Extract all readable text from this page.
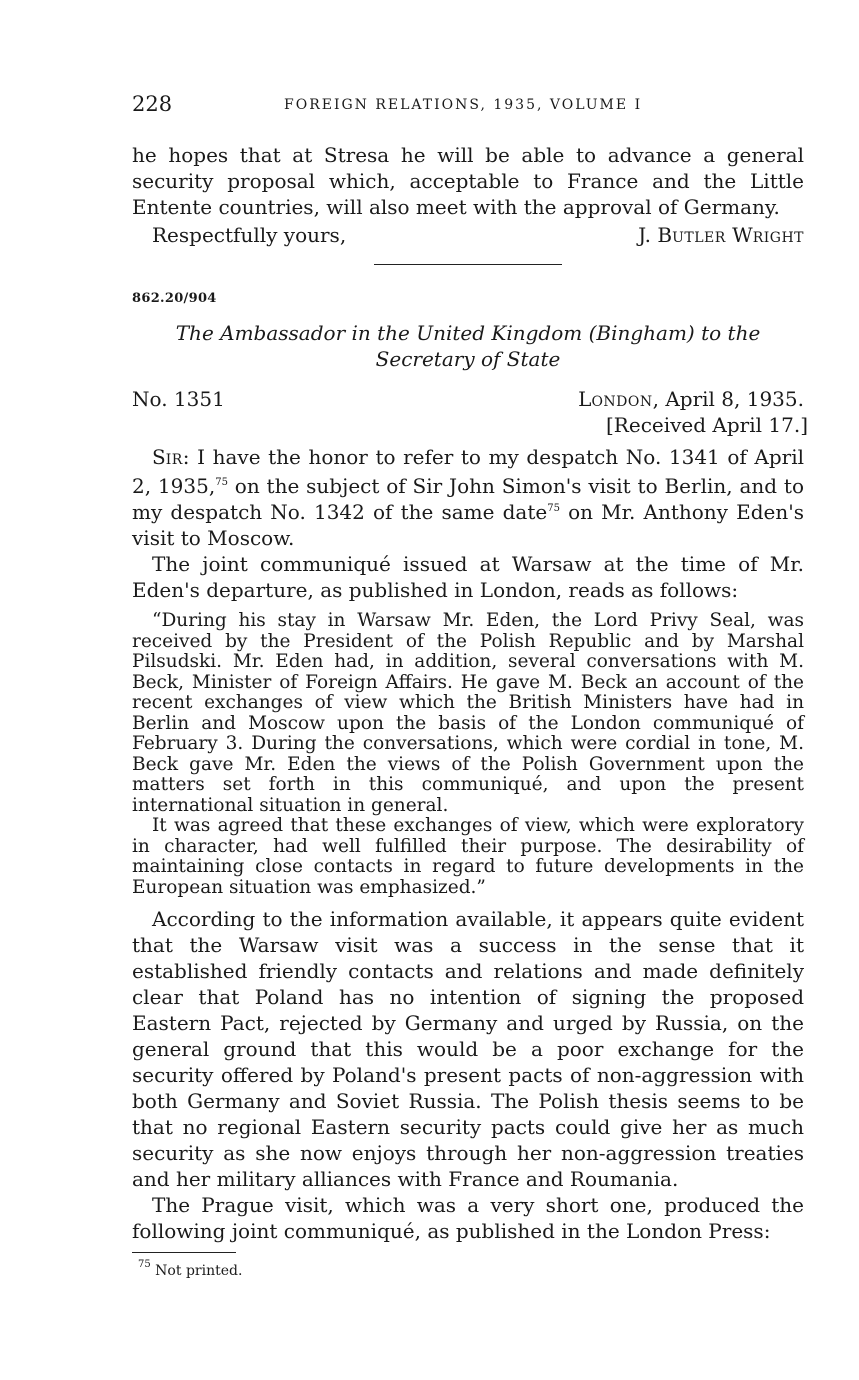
228	FOREIGN RELATIONS, 1935, VOLUME I

he hopes that at Stresa he will be able to advance a general security proposal which, acceptable to France and the Little Entente countries, will also meet with the approval of Germany.

Respectfully yours,	J. BUTLER WRIGHT
862.20/904
The Ambassador in the United Kingdom (Bingham) to the Secretary of State
No. 1351	LONDON, April 8, 1935.
[Received April 17.]

SIR: I have the honor to refer to my despatch No. 1341 of April 2, 1935,75 on the subject of Sir John Simon's visit to Berlin, and to my despatch No. 1342 of the same date$^{75}$ on Mr. Anthony Eden's visit to Moscow.

The joint communiqué issued at Warsaw at the time of Mr. Eden's departure, as published in London, reads as follows:

“During his stay in Warsaw Mr. Eden, the Lord Privy Seal, was received by the President of the Polish Republic and by Marshal Pilsudski. Mr. Eden had, in addition, several conversations with M. Beck, Minister of Foreign Affairs. He gave M. Beck an account of the recent exchanges of view which the British Ministers have had in Berlin and Moscow upon the basis of the London communiqué of February 3. During the conversations, which were cordial in tone, M. Beck gave Mr. Eden the views of the Polish Government upon the matters set forth in this communiqué, and upon the present international situation in general.

It was agreed that these exchanges of view, which were exploratory in character, had well fulfilled their purpose. The desirability of maintaining close contacts in regard to future developments in the European situation was emphasized.”

According to the information available, it appears quite evident that the Warsaw visit was a success in the sense that it established friendly contacts and relations and made definitely clear that Poland has no intention of signing the proposed Eastern Pact, rejected by Germany and urged by Russia, on the general ground that this would be a poor exchange for the security offered by Poland's present pacts of non-aggression with both Germany and Soviet Russia. The Polish thesis seems to be that no regional Eastern security pacts could give her as much security as she now enjoys through her non-aggression treaties and her military alliances with France and Roumania.

The Prague visit, which was a very short one, produced the following joint communiqué, as published in the London Press:

$^{75}$ Not printed.
